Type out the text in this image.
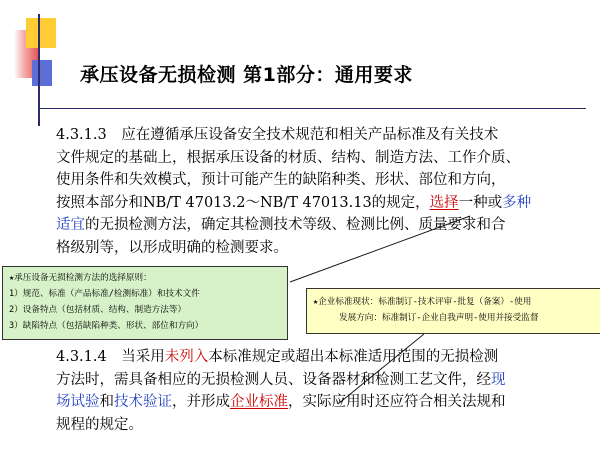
承压设备无损检测 第1部分：通用要求
4.3.1.3　应在遵循承压设备安全技术规范和相关产品标准及有关技术
文件规定的基础上，根据承压设备的材质、结构、制造方法、工作介质、
使用条件和失效模式，预计可能产生的缺陷种类、形状、部位和方向，
按照本部分和NB/T 47013.2～NB/T 47013.13的规定，选择一种或多种
适宜的无损检测方法，确定其检测技术等级、检测比例、质量要求和合
格级别等，以形成明确的检测要求。
★承压设备无损检测方法的选择原则：
1）规范、标准（产品标准/检测标准）和技术文件
2）设备特点（包括材质、结构、制造方法等）
3）缺陷特点（包括缺陷种类、形状、部位和方向）
★企业标准现状：标准制订-技术评审-批复（备案）-使用
发展方向：标准制订-企业自我声明-使用并接受监督
4.3.1.4　当采用未列入本标准规定或超出本标准适用范围的无损检测
方法时，需具备相应的无损检测人员、设备器材和检测工艺文件，经现
场试验和技术验证，并形成企业标准，实际应用时还应符合相关法规和
规程的规定。
